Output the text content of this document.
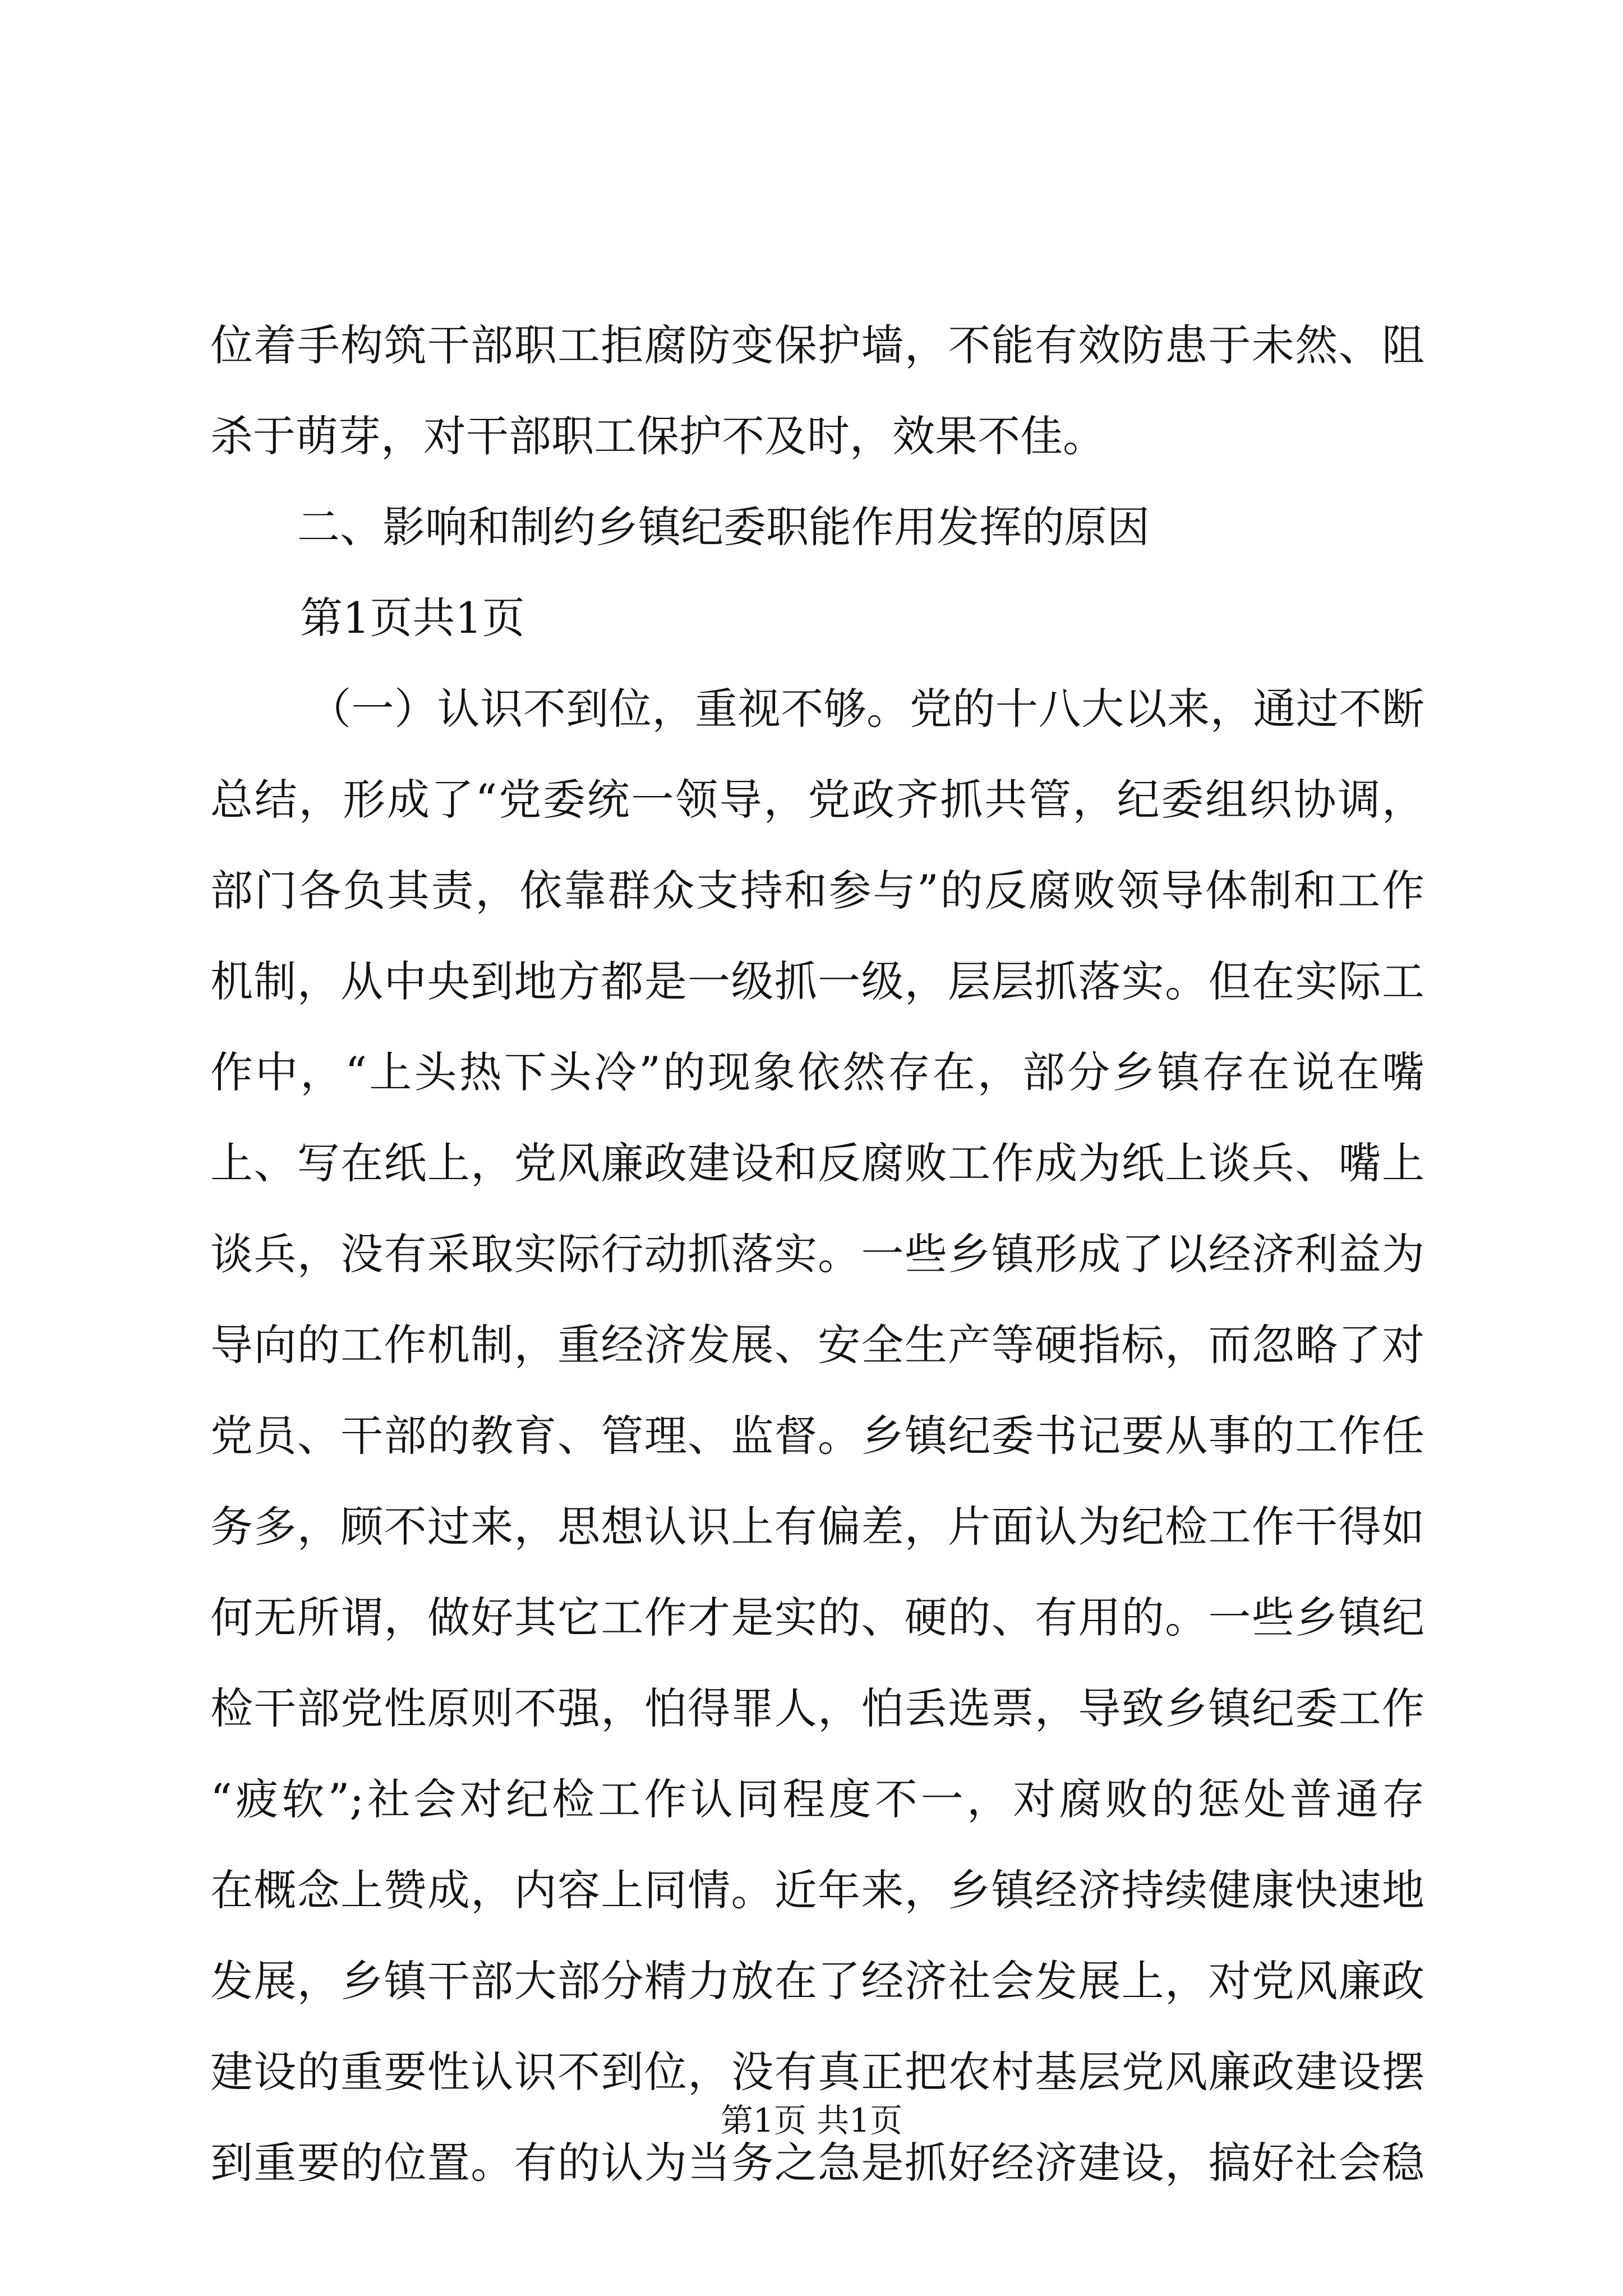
位着手构筑干部职工拒腐防变保护墙，不能有效防患于未然、阻
杀于萌芽，对干部职工保护不及时，效果不佳。
二、影响和制约乡镇纪委职能作用发挥的原因
第1页共1页
（一）认识不到位，重视不够。党的十八大以来，通过不断
总结，形成了“党委统一领导，党政齐抓共管，纪委组织协调，
部门各负其责，依靠群众支持和参与”的反腐败领导体制和工作
机制，从中央到地方都是一级抓一级，层层抓落实。但在实际工
作中，“上头热下头冷”的现象依然存在，部分乡镇存在说在嘴
上、写在纸上，党风廉政建设和反腐败工作成为纸上谈兵、嘴上
谈兵，没有采取实际行动抓落实。一些乡镇形成了以经济利益为
导向的工作机制，重经济发展、安全生产等硬指标，而忽略了对
党员、干部的教育、管理、监督。乡镇纪委书记要从事的工作任
务多，顾不过来，思想认识上有偏差，片面认为纪检工作干得如
何无所谓，做好其它工作才是实的、硬的、有用的。一些乡镇纪
检干部党性原则不强，怕得罪人，怕丢选票，导致乡镇纪委工作
“疲软”;社会对纪检工作认同程度不一，对腐败的惩处普通存
在概念上赞成，内容上同情。近年来，乡镇经济持续健康快速地
发展，乡镇干部大部分精力放在了经济社会发展上，对党风廉政
建设的重要性认识不到位，没有真正把农村基层党风廉政建设摆
到重要的位置。有的认为当务之急是抓好经济建设，搞好社会稳
第1页 共1页
